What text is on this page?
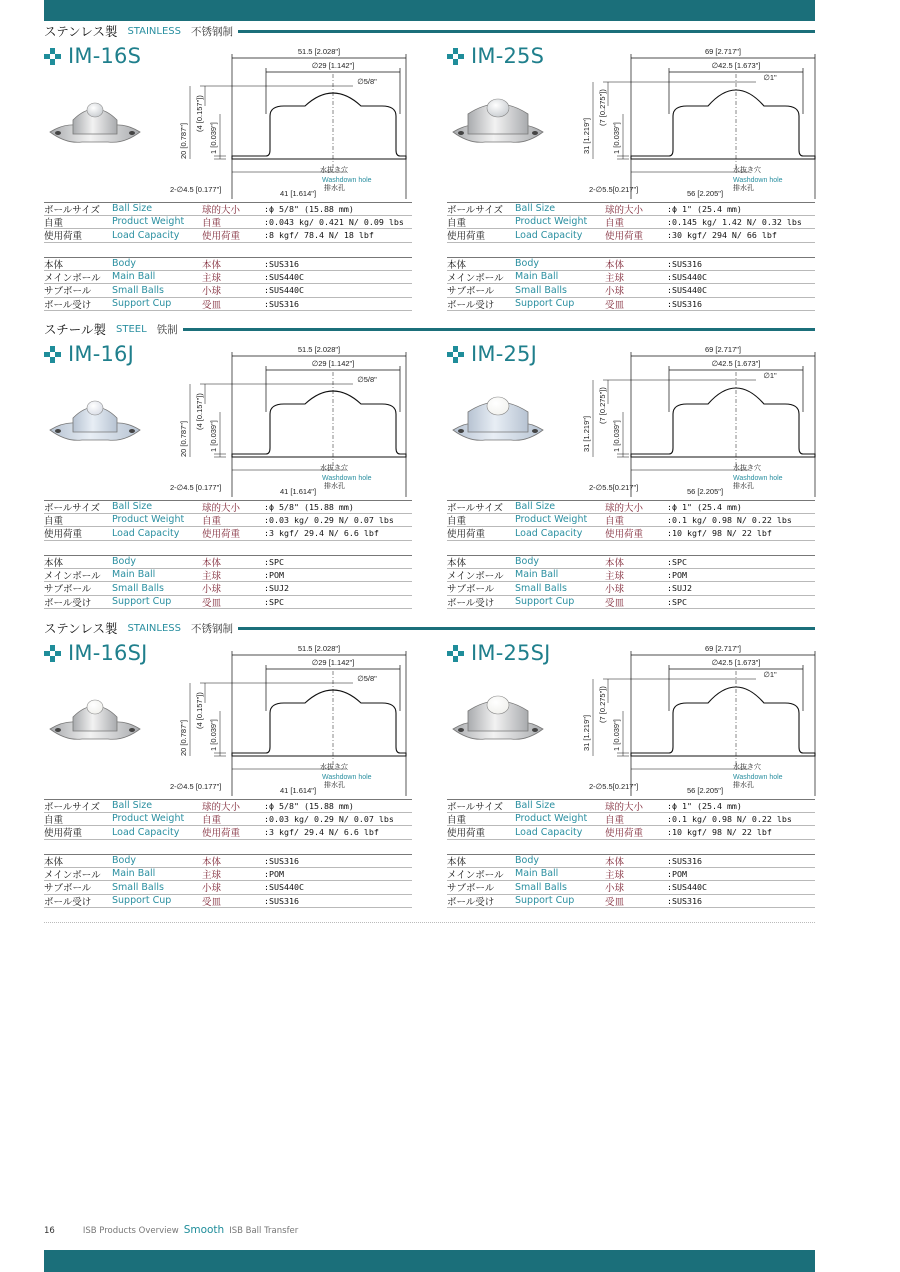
ステンレス製 STAINLESS 不锈钢制
スチール製 STEEL 铁制
ステンレス製 STAINLESS 不锈钢制
IM-16S	51.5 [2.028"]
∅29 [1.142"]
∅5/8"
20 [0.787"]	1 [0.039"]
(4 [0.157"])
2-∅4.5 [0.177"]	41 [1.614"]
水抜き穴
Washdown hole
排水孔
ボールサイズ	Ball Size	球的大小	:ϕ 5/8" (15.88 mm)
自重	Product Weight	自重	:0.043 kg/ 0.421 N/ 0.09 lbs
使用荷重	Load Capacity	使用荷重	:8 kgf/ 78.4 N/ 18 lbf
本体	Body	本体	:SUS316
メインボール	Main Ball	主球	:SUS440C
サブボール	Small Balls	小球	:SUS440C
ボール受け	Support Cup	受皿	:SUS316
IM-25S	69 [2.717"]
∅42.5 [1.673"]
∅1"
31 [1.219"]	1 [0.039"]
(7 [0.275"])
2-∅5.5[0.217"]	56 [2.205"]
水抜き穴
Washdown hole
排水孔
ボールサイズ	Ball Size	球的大小	:ϕ 1" (25.4 mm)
自重	Product Weight	自重	:0.145 kg/ 1.42 N/ 0.32 lbs
使用荷重	Load Capacity	使用荷重	:30 kgf/ 294 N/ 66 lbf
本体	Body	本体	:SUS316
メインボール	Main Ball	主球	:SUS440C
サブボール	Small Balls	小球	:SUS440C
ボール受け	Support Cup	受皿	:SUS316
IM-16J	51.5 [2.028"]
∅29 [1.142"]
∅5/8"
20 [0.787"]	1 [0.039"]
(4 [0.157"])
2-∅4.5 [0.177"]	41 [1.614"]
水抜き穴
Washdown hole
排水孔
ボールサイズ	Ball Size	球的大小	:ϕ 5/8" (15.88 mm)
自重	Product Weight	自重	:0.03 kg/ 0.29 N/ 0.07 lbs
使用荷重	Load Capacity	使用荷重	:3 kgf/ 29.4 N/ 6.6 lbf
本体	Body	本体	:SPC
メインボール	Main Ball	主球	:POM
サブボール	Small Balls	小球	:SUJ2
ボール受け	Support Cup	受皿	:SPC
IM-25J	69 [2.717"]
∅42.5 [1.673"]
∅1"
31 [1.219"]	1 [0.039"]
(7 [0.275"])
2-∅5.5[0.217"]	56 [2.205"]
水抜き穴
Washdown hole
排水孔
ボールサイズ	Ball Size	球的大小	:ϕ 1" (25.4 mm)
自重	Product Weight	自重	:0.1 kg/ 0.98 N/ 0.22 lbs
使用荷重	Load Capacity	使用荷重	:10 kgf/ 98 N/ 22 lbf
本体	Body	本体	:SPC
メインボール	Main Ball	主球	:POM
サブボール	Small Balls	小球	:SUJ2
ボール受け	Support Cup	受皿	:SPC
IM-16SJ	51.5 [2.028"]
∅29 [1.142"]
∅5/8"
20 [0.787"]	1 [0.039"]
(4 [0.157"])
2-∅4.5 [0.177"]	41 [1.614"]
水抜き穴
Washdown hole
排水孔
ボールサイズ	Ball Size	球的大小	:ϕ 5/8" (15.88 mm)
自重	Product Weight	自重	:0.03 kg/ 0.29 N/ 0.07 lbs
使用荷重	Load Capacity	使用荷重	:3 kgf/ 29.4 N/ 6.6 lbf
本体	Body	本体	:SUS316
メインボール	Main Ball	主球	:POM
サブボール	Small Balls	小球	:SUS440C
ボール受け	Support Cup	受皿	:SUS316
IM-25SJ	69 [2.717"]
∅42.5 [1.673"]
∅1"
31 [1.219"]	1 [0.039"]
(7 [0.275"])
2-∅5.5[0.217"]	56 [2.205"]
水抜き穴
Washdown hole
排水孔
ボールサイズ	Ball Size	球的大小	:ϕ 1" (25.4 mm)
自重	Product Weight	自重	:0.1 kg/ 0.98 N/ 0.22 lbs
使用荷重	Load Capacity	使用荷重	:10 kgf/ 98 N/ 22 lbf
本体	Body	本体	:SUS316
メインボール	Main Ball	主球	:POM
サブボール	Small Balls	小球	:SUS440C
ボール受け	Support Cup	受皿	:SUS316
16	ISB Products Overview Smooth ISB Ball Transfer
